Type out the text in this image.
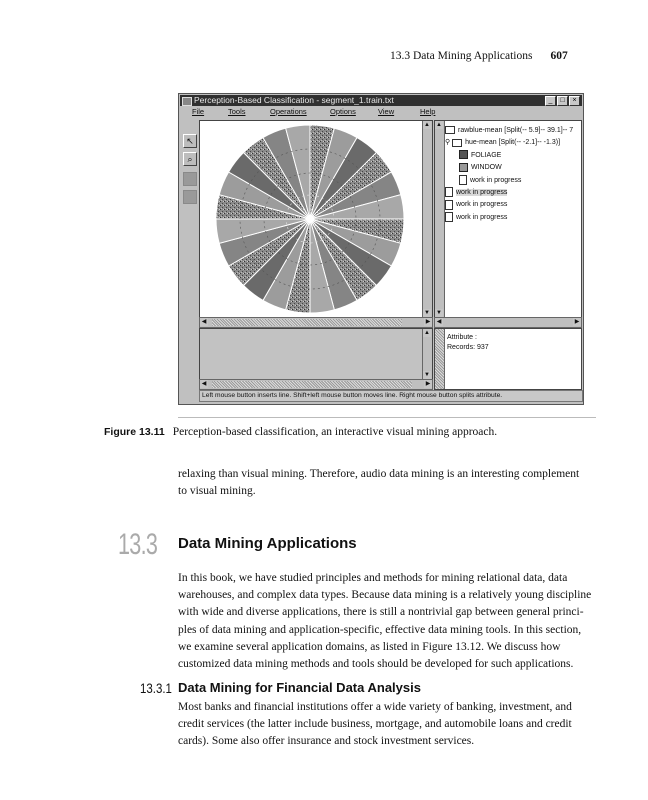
13.3 Data Mining Applications 607
Perception-Based Classification - segment_1.train.txt	_ □ ×
File	Tools	Operations	Options	View	Help
↖
⌕
▲
▼
◀	▶
▲
▼
rawblue-mean [Split(-- 5.9]-- 39.1]-- 7
⚲ hue-mean [Split(-- -2.1]-- -1.3)]
FOLIAGE
WINDOW
work in progress
work in progress
work in progress
work in progress
◀	▶
▲
▼
◀	▶
Attribute :
Records: 937
Left mouse button inserts line. Shift+left mouse button moves line. Right mouse button splits attribute.
Figure 13.11 Perception-based classification, an interactive visual mining approach.
relaxing than visual mining. Therefore, audio data mining is an interesting complement
to visual mining.
13.3 Data Mining Applications
In this book, we have studied principles and methods for mining relational data, data
warehouses, and complex data types. Because data mining is a relatively young discipline
with wide and diverse applications, there is still a nontrivial gap between general princi-
ples of data mining and application-specific, effective data mining tools. In this section,
we examine several application domains, as listed in Figure 13.12. We discuss how
customized data mining methods and tools should be developed for such applications.
13.3.1 Data Mining for Financial Data Analysis
Most banks and financial institutions offer a wide variety of banking, investment, and
credit services (the latter include business, mortgage, and automobile loans and credit
cards). Some also offer insurance and stock investment services.
